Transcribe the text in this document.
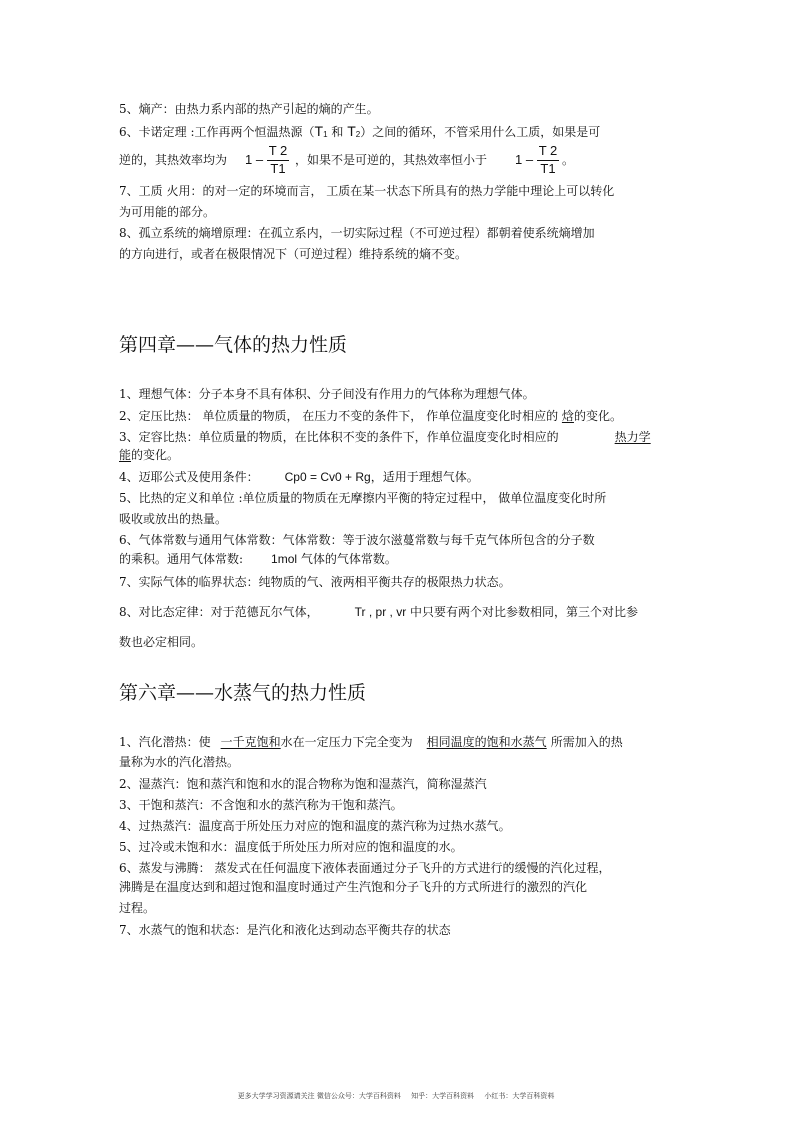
5、熵产：由热力系内部的热产引起的熵的产生。
6、卡诺定理 :工作再两个恒温热源（$T_1$ 和 $T_2$）之间的循环，不管采用什么工质，如果是可
逆的，其热效率均为 1 –
T 2
T1
，如果不是可逆的，其热效率恒小于 1 –
T 2
T1
。
7、工质 火用：的对一定的环境而言， 工质在某一状态下所具有的热力学能中理论上可以转化
为可用能的部分。
8、孤立系统的熵增原理：在孤立系内，一切实际过程（不可逆过程）都朝着使系统熵增加
的方向进行，或者在极限情况下（可逆过程）维持系统的熵不变。
第四章——气体的热力性质
1、理想气体：分子本身不具有体积、分子间没有作用力的气体称为理想气体。
2、定压比热： 单位质量的物质， 在压力不变的条件下， 作单位温度变化时相应的 焓的变化。
3、定容比热：单位质量的物质，在比体积不变的条件下，作单位温度变化时相应的	热力学
能的变化。
4、迈耶公式及使用条件： Cp0 = Cv0 + Rg，适用于理想气体。
5、比热的定义和单位 :单位质量的物质在无摩擦内平衡的特定过程中， 做单位温度变化时所
吸收或放出的热量。
6、气体常数与通用气体常数：气体常数：等于波尔滋蔓常数与每千克气体所包含的分子数
的乘积。通用气体常数: 1mol 气体的气体常数。
7、实际气体的临界状态：纯物质的气、液两相平衡共存的极限热力状态。
8、对比态定律：对于范德瓦尔气体，	Tr , pr , vr 中只要有两个对比参数相同，第三个对比参
数也必定相同。
第六章——水蒸气的热力性质
1、汽化潜热：使 一千克饱和水在一定压力下完全变为 相同温度的饱和水蒸气 所需加入的热
量称为水的汽化潜热。
2、湿蒸汽：饱和蒸汽和饱和水的混合物称为饱和湿蒸汽，简称湿蒸汽
3、干饱和蒸汽：不含饱和水的蒸汽称为干饱和蒸汽。
4、过热蒸汽：温度高于所处压力对应的饱和温度的蒸汽称为过热水蒸气。
5、过冷或未饱和水：温度低于所处压力所对应的饱和温度的水。
6、蒸发与沸腾： 蒸发式在任何温度下液体表面通过分子飞升的方式进行的缓慢的汽化过程，
沸腾是在温度达到和超过饱和温度时通过产生汽饱和分子飞升的方式所进行的激烈的汽化
过程。
7、水蒸气的饱和状态：是汽化和液化达到动态平衡共存的状态
更多大学学习资源请关注 微信公众号：大学百科资料 知乎：大学百科资料 小红书：大学百科资料
